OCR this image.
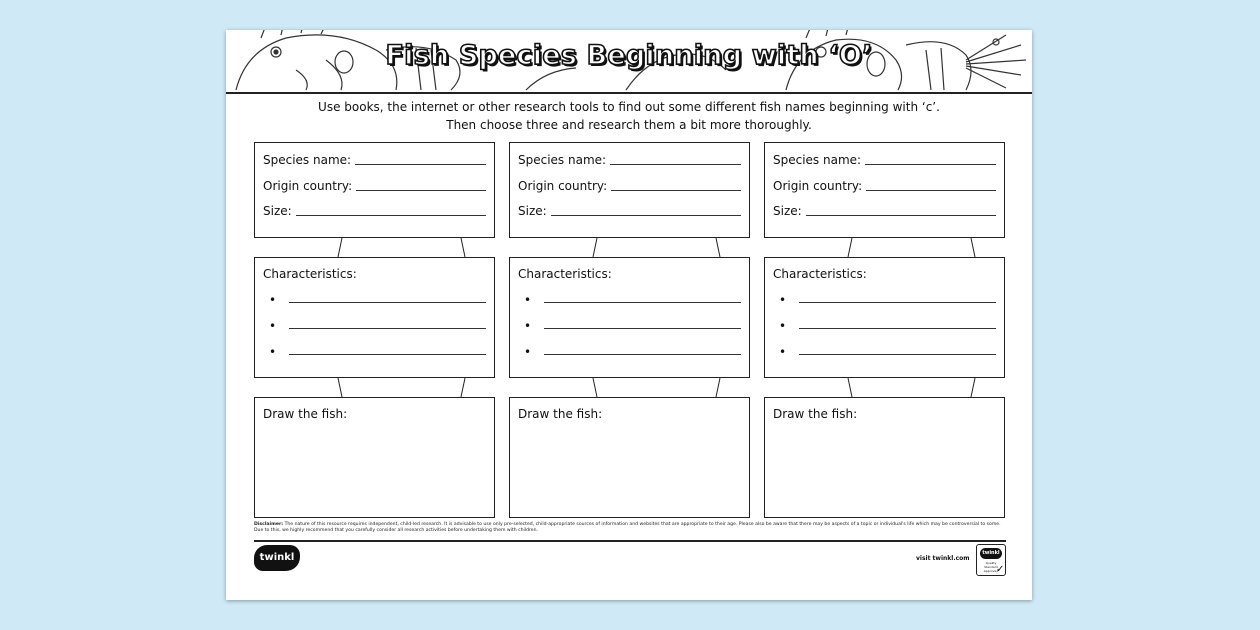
Fish Species Beginning with ‘O’
Use books, the internet or other research tools to find out some different fish names beginning with ‘c’.
Then choose three and research them a bit more thoroughly.
Species name:
Origin country:
Size:
Characteristics:
•
•
•
Draw the fish:
Species name:
Origin country:
Size:
Characteristics:
•
•
•
Draw the fish:
Species name:
Origin country:
Size:
Characteristics:
•
•
•
Draw the fish:
Disclaimer: The nature of this resource requires independent, child-led research. It is advisable to use only pre-selected, child-appropriate sources of information and websites that are appropriate to their age. Please also be aware that there may be aspects of a topic or individual's life which may be controversial to some. Due to this, we highly recommend that you carefully consider all research activities before undertaking them with children.
twinkl	visit twinkl.com
twinkl
Quality Standard Approved
✓
